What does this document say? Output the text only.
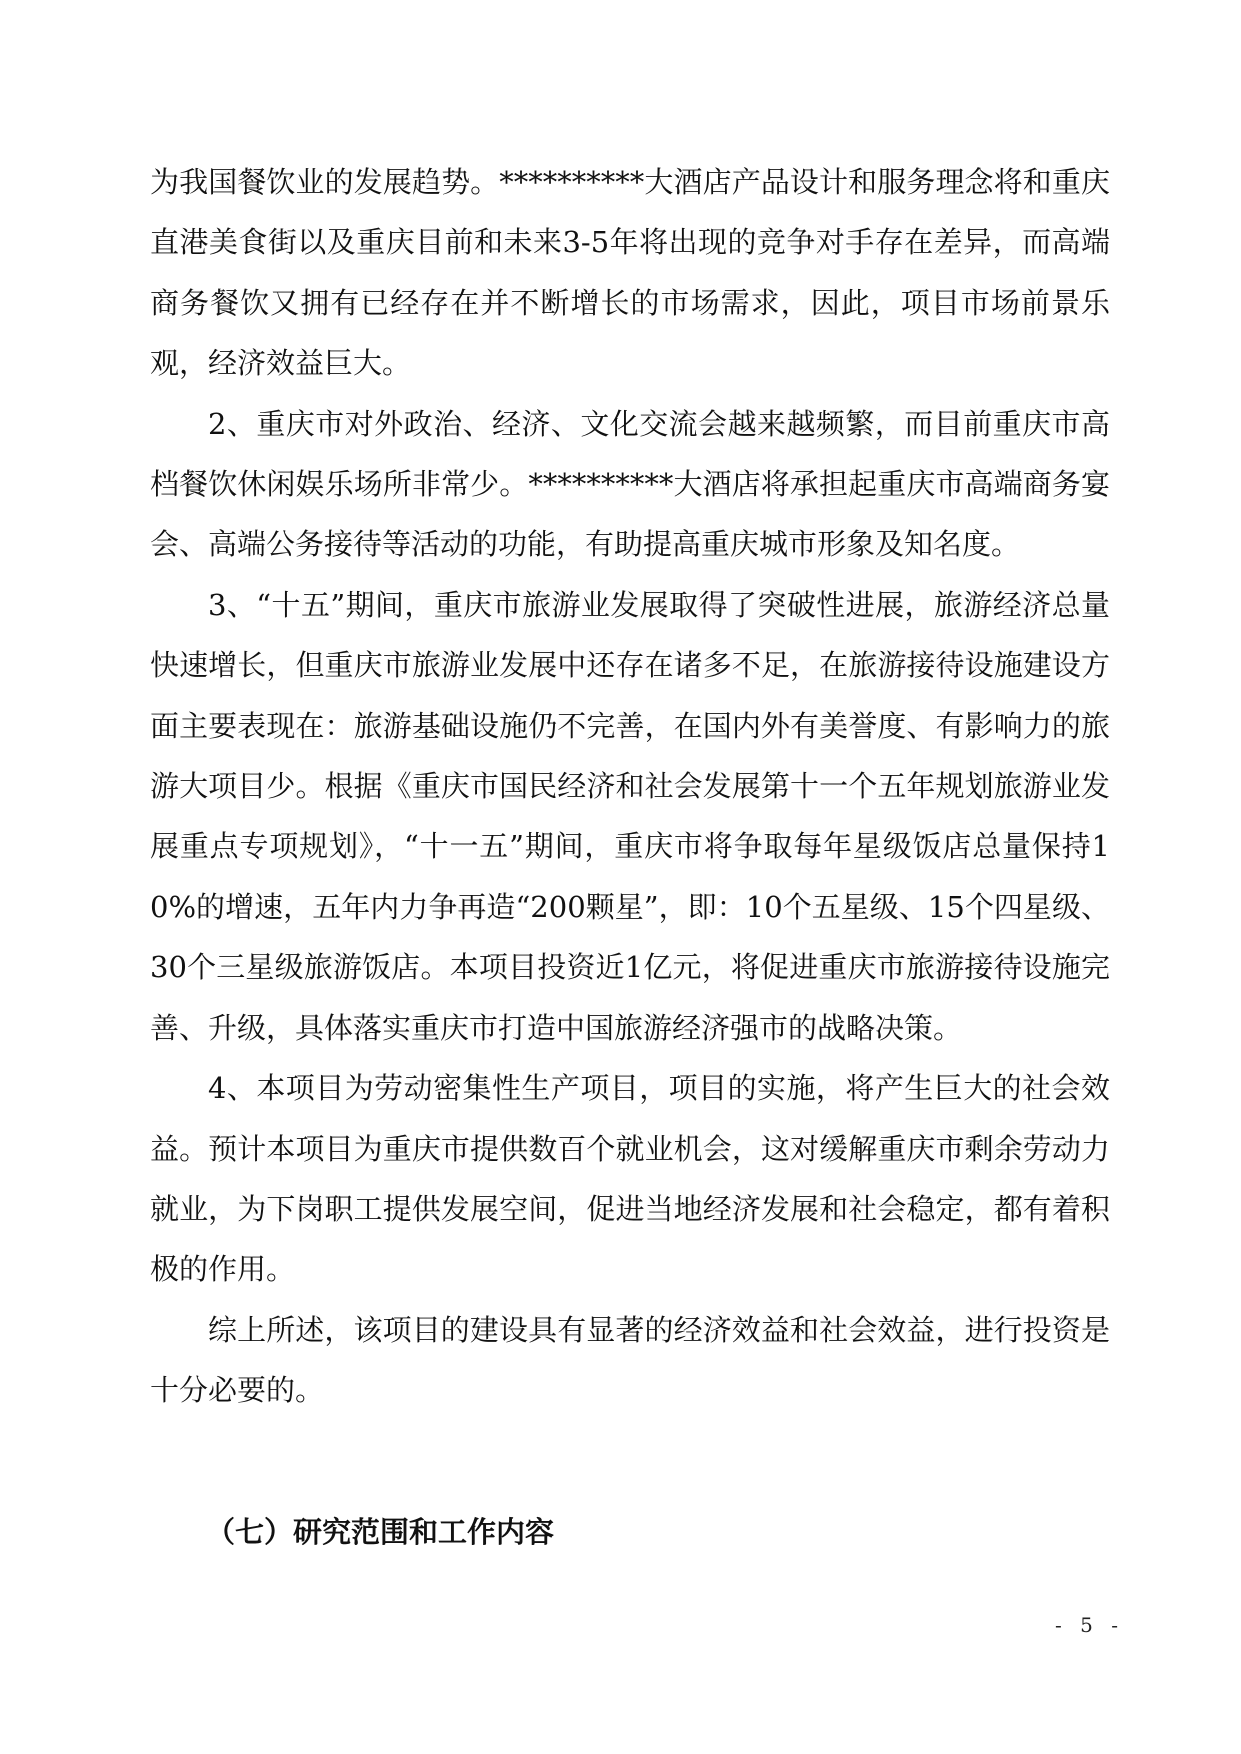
为我国餐饮业的发展趋势。**********大酒店产品设计和服务理念将和重庆直港美食街以及重庆目前和未来3-5年将出现的竞争对手存在差异，而高端商务餐饮又拥有已经存在并不断增长的市场需求，因此，项目市场前景乐观，经济效益巨大。

2、重庆市对外政治、经济、文化交流会越来越频繁，而目前重庆市高档餐饮休闲娱乐场所非常少。**********大酒店将承担起重庆市高端商务宴会、高端公务接待等活动的功能，有助提高重庆城市形象及知名度。

3、“十五”期间，重庆市旅游业发展取得了突破性进展，旅游经济总量快速增长，但重庆市旅游业发展中还存在诸多不足，在旅游接待设施建设方面主要表现在：旅游基础设施仍不完善，在国内外有美誉度、有影响力的旅游大项目少。根据《重庆市国民经济和社会发展第十一个五年规划旅游业发展重点专项规划》，“十一五”期间，重庆市将争取每年星级饭店总量保持10%的增速，五年内力争再造“200颗星”，即：10个五星级、15个四星级、30个三星级旅游饭店。本项目投资近1亿元，将促进重庆市旅游接待设施完善、升级，具体落实重庆市打造中国旅游经济强市的战略决策。

4、本项目为劳动密集性生产项目，项目的实施，将产生巨大的社会效益。预计本项目为重庆市提供数百个就业机会，这对缓解重庆市剩余劳动力就业，为下岗职工提供发展空间，促进当地经济发展和社会稳定，都有着积极的作用。

综上所述，该项目的建设具有显著的经济效益和社会效益，进行投资是十分必要的。

（七）研究范围和工作内容
- 5 -
